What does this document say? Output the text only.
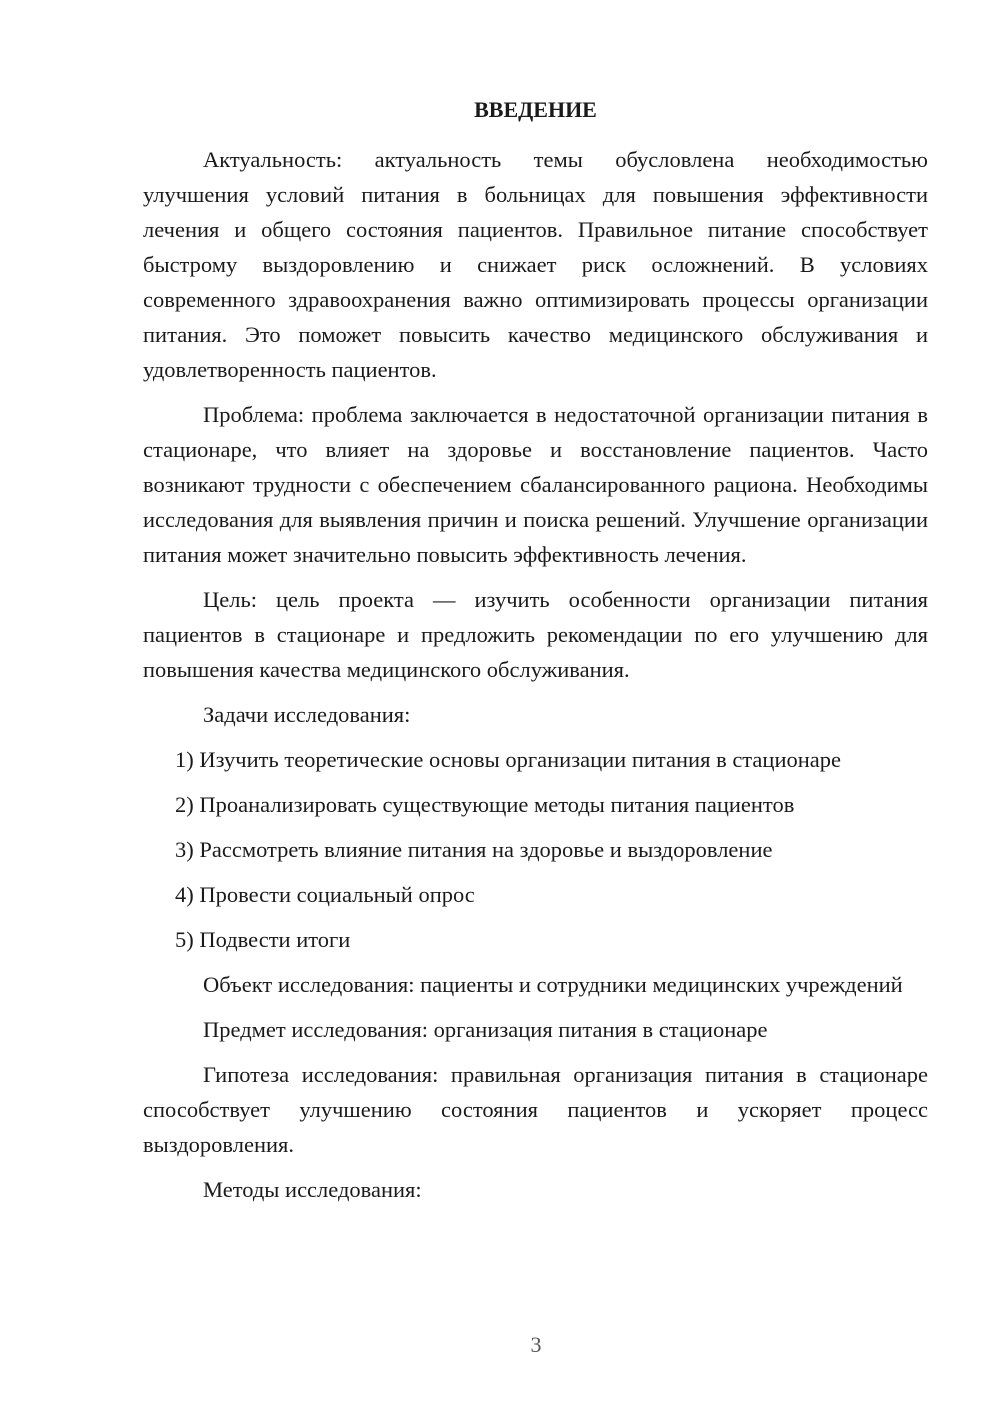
ВВЕДЕНИЕ

Актуальность: актуальность темы обусловлена необходимостью улучшения условий питания в больницах для повышения эффективности лечения и общего состояния пациентов. Правильное питание способствует быстрому выздоровлению и снижает риск осложнений. В условиях современного здравоохранения важно оптимизировать процессы организации питания. Это поможет повысить качество медицинского обслуживания и удовлетворенность пациентов.

Проблема: проблема заключается в недостаточной организации питания в стационаре, что влияет на здоровье и восстановление пациентов. Часто возникают трудности с обеспечением сбалансированного рациона. Необходимы исследования для выявления причин и поиска решений. Улучшение организации питания может значительно повысить эффективность лечения.

Цель: цель проекта — изучить особенности организации питания пациентов в стационаре и предложить рекомендации по его улучшению для повышения качества медицинского обслуживания.

Задачи исследования:

1) Изучить теоретические основы организации питания в стационаре
2) Проанализировать существующие методы питания пациентов
3) Рассмотреть влияние питания на здоровье и выздоровление
4) Провести социальный опрос
5) Подвести итоги

Объект исследования: пациенты и сотрудники медицинских учреждений

Предмет исследования: организация питания в стационаре

Гипотеза исследования: правильная организация питания в стационаре способствует улучшению состояния пациентов и ускоряет процесс выздоровления.

Методы исследования:

3
